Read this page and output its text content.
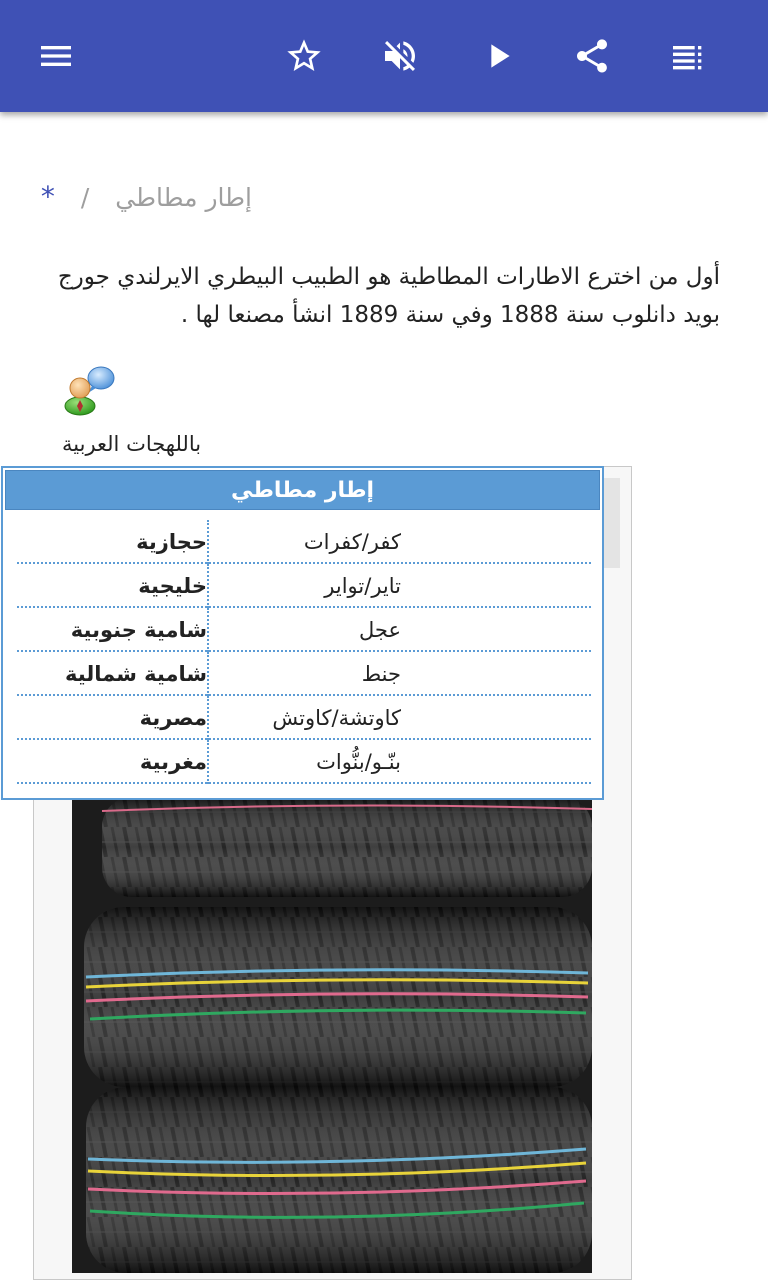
إطار مطاطي/*

أول من اخترع الاطارات المطاطية هو الطبيب البيطري الايرلندي جورج بويد دانلوب سنة 1888 وفي سنة 1889 انشأ مصنعا لها .

باللهجات العربية
إطار مطاطي
كفر/كفرات
حجازية
تاير/تواير
خليجية
عجل
شامية جنوبية
جنط
شامية شمالية
كاوتشة/كاوتش
مصرية
بنّـو/بنُّوات
مغربية
